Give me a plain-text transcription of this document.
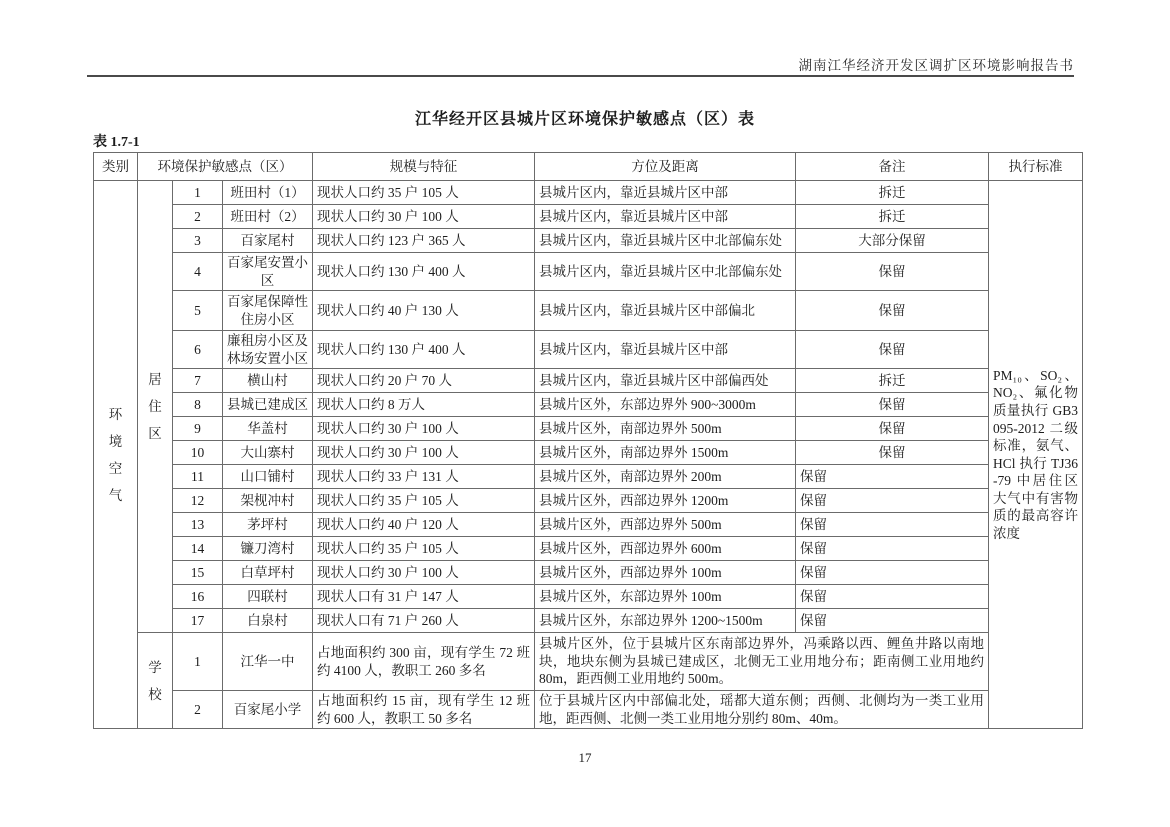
湖南江华经济开发区调扩区环境影响报告书
江华经开区县城片区环境保护敏感点（区）表
表 1.7-1
类别	环境保护敏感点（区）			规模与特征	方位及距离	备注	执行标准

环境空气	居住区	1	班田村（1）	现状人口约 35 户 105 人	县城片区内，靠近县城片区中部	拆迁	PM₁₀、SO₂、NO₂、氟化物质量执行 GB3095-2012 二级标准，氨气、HCl 执行 TJ36-79 中居住区大气中有害物质的最高容许浓度
		2	班田村（2）	现状人口约 30 户 100 人	县城片区内，靠近县城片区中部	拆迁	
		3	百家尾村	现状人口约 123 户 365 人	县城片区内，靠近县城片区中北部偏东处	大部分保留	
		4	百家尾安置小区	现状人口约 130 户 400 人	县城片区内，靠近县城片区中北部偏东处	保留	
		5	百家尾保障性住房小区	现状人口约 40 户 130 人	县城片区内，靠近县城片区中部偏北	保留	
		6	廉租房小区及林场安置小区	现状人口约 130 户 400 人	县城片区内，靠近县城片区中部	保留	
		7	横山村	现状人口约 20 户 70 人	县城片区内，靠近县城片区中部偏西处	拆迁	
		8	县城已建成区	现状人口约 8 万人	县城片区外，东部边界外 900~3000m	保留	
		9	华盖村	现状人口约 30 户 100 人	县城片区外，南部边界外 500m	保留	
		10	大山寨村	现状人口约 30 户 100 人	县城片区外，南部边界外 1500m	保留	
		11	山口铺村	现状人口约 33 户 131 人	县城片区外，南部边界外 200m	保留	
		12	架枧冲村	现状人口约 35 户 105 人	县城片区外，西部边界外 1200m	保留	
		13	茅坪村	现状人口约 40 户 120 人	县城片区外，西部边界外 500m	保留	
		14	镰刀湾村	现状人口约 35 户 105 人	县城片区外，西部边界外 600m	保留	
		15	白草坪村	现状人口约 30 户 100 人	县城片区外，西部边界外 100m	保留	
		16	四联村	现状人口有 31 户 147 人	县城片区外，东部边界外 100m	保留	
		17	白泉村	现状人口有 71 户 260 人	县城片区外，东部边界外 1200~1500m	保留	

	学校	1	江华一中	占地面积约 300 亩，现有学生 72 班约 4100 人，教职工 260 多名	县城片区外，位于县城片区东南部边界外，冯乘路以西、鲤鱼井路以南地块，地块东侧为县城已建成区，北侧无工业用地分布；距南侧工业用地约 80m，距西侧工业用地约 500m。		
		2	百家尾小学	占地面积约 15 亩，现有学生 12 班约 600 人，教职工 50 多名	位于县城片区内中部偏北处，瑶都大道东侧；西侧、北侧均为一类工业用地，距西侧、北侧一类工业用地分别约 80m、40m。		
17
